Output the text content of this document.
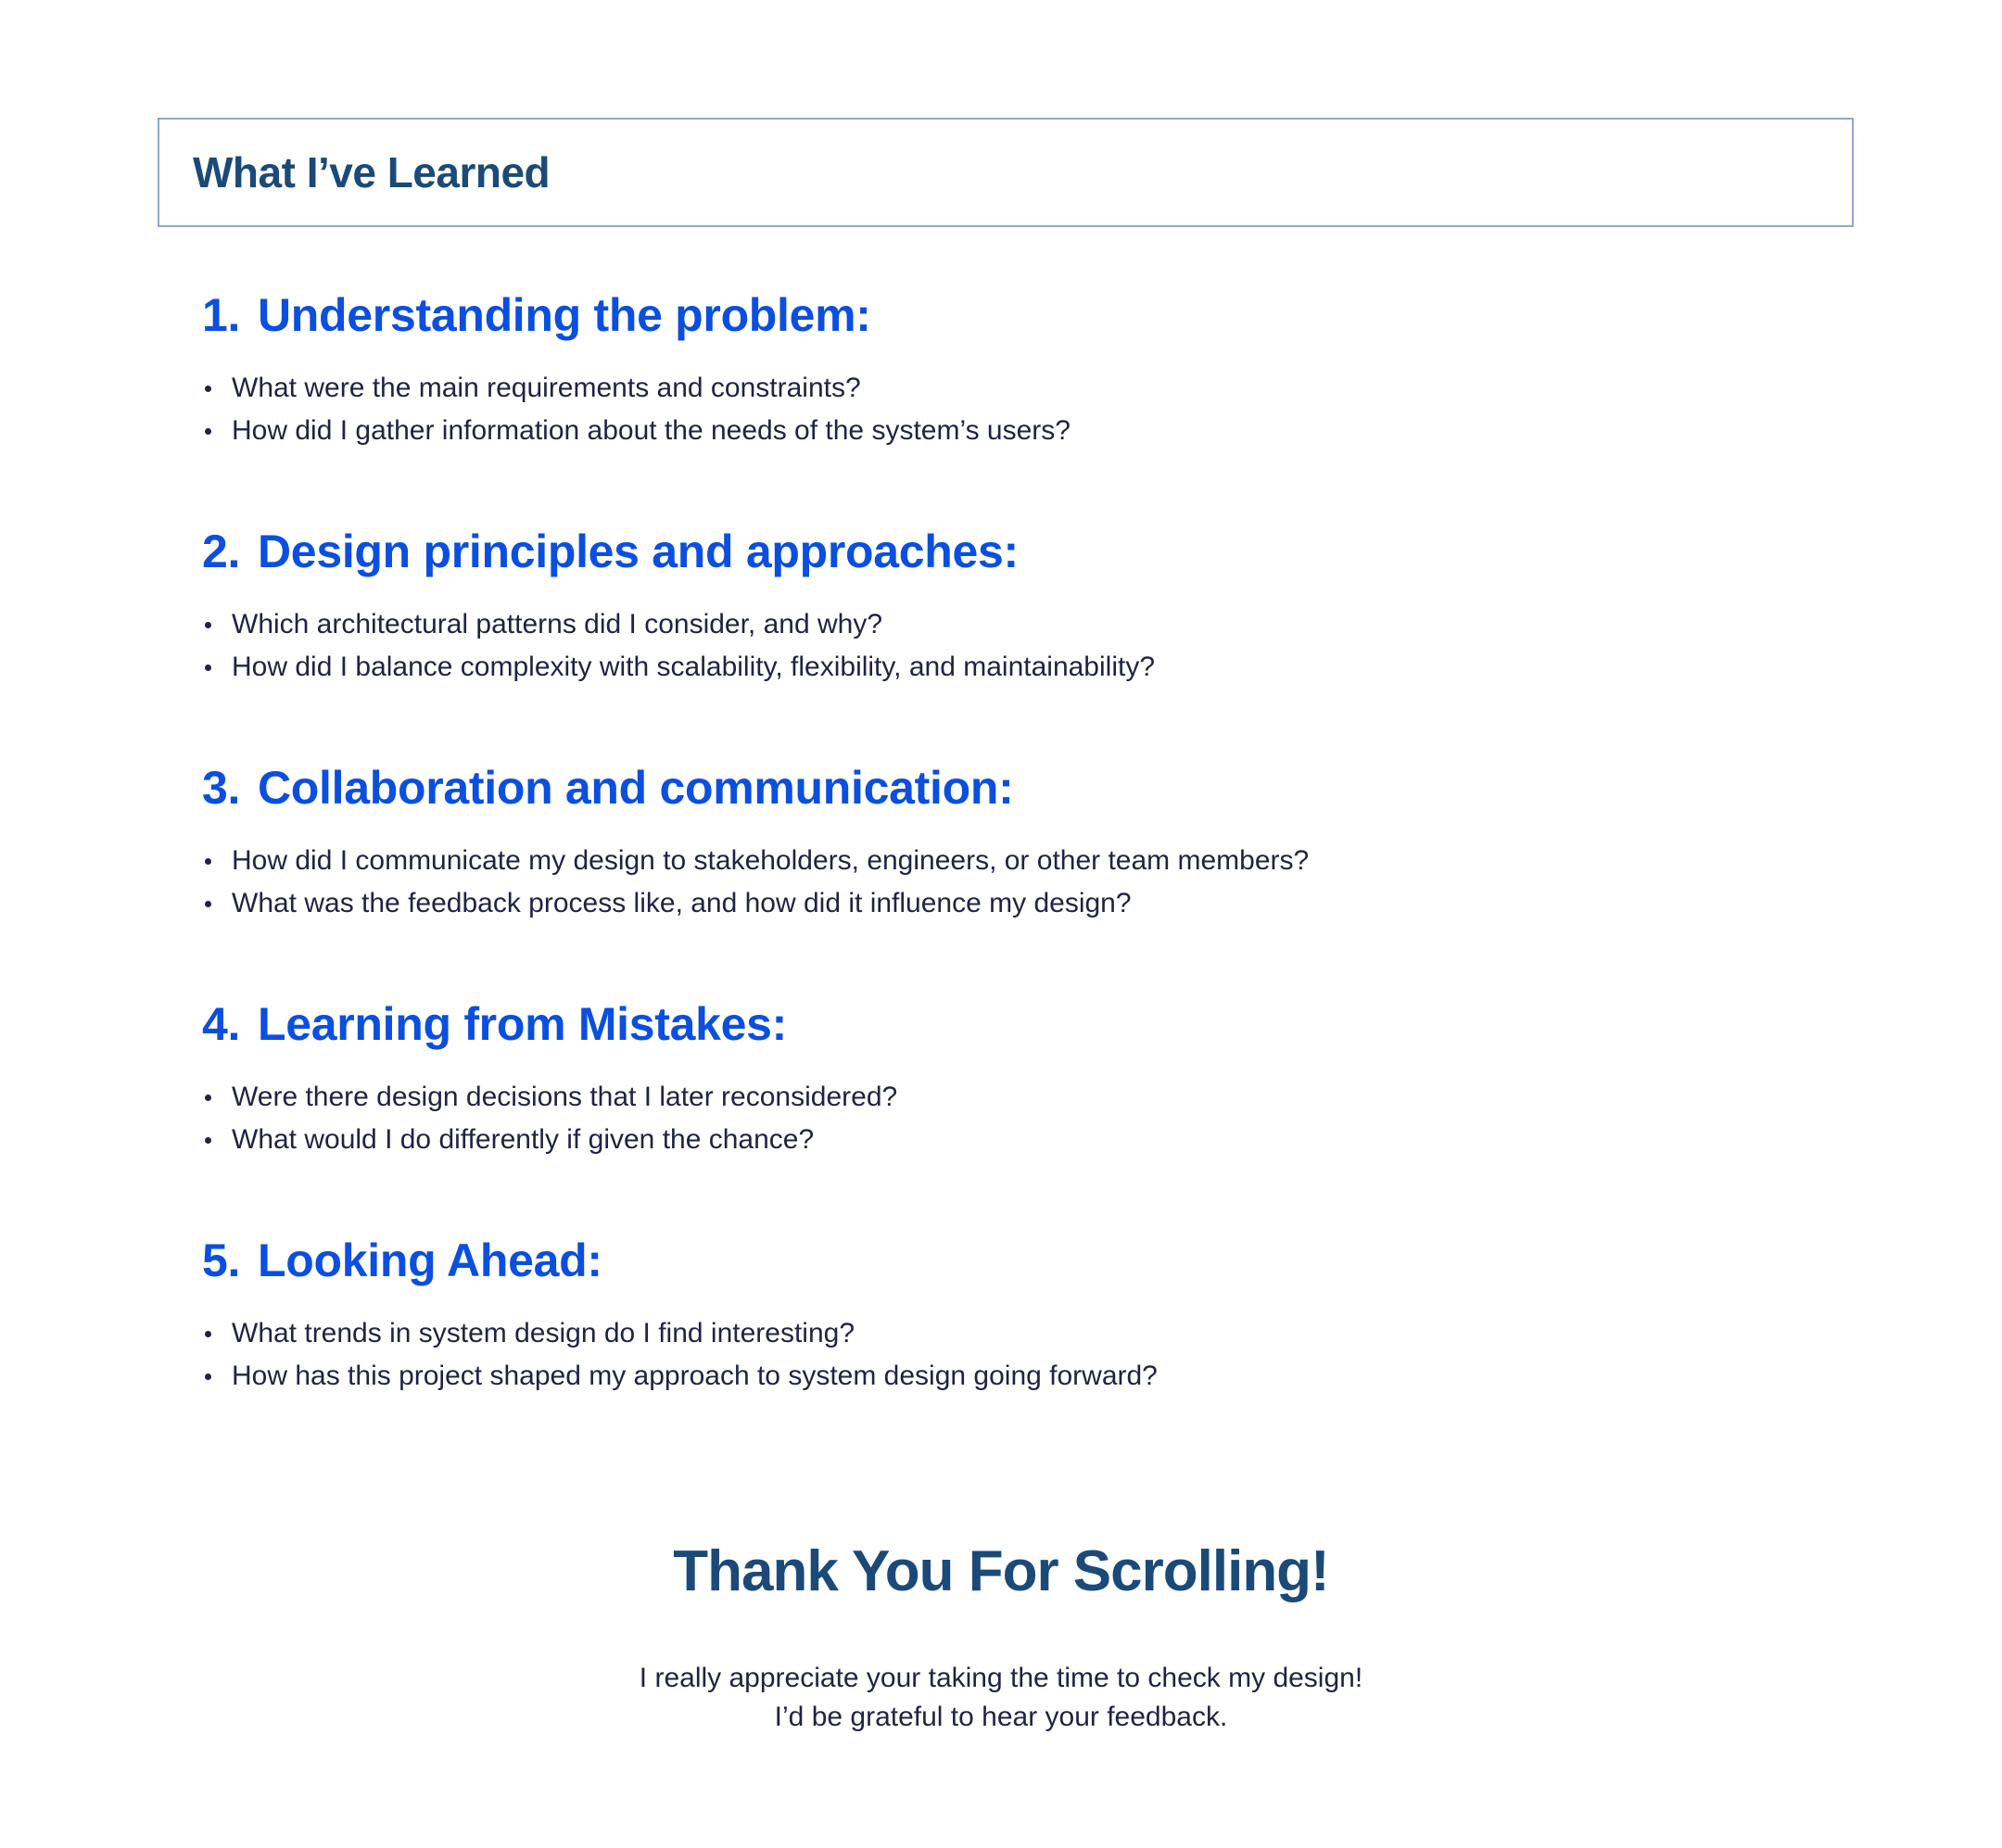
What I’ve Learned
1. Understanding the problem:
What were the main requirements and constraints?
How did I gather information about the needs of the system’s users?
2. Design principles and approaches:
Which architectural patterns did I consider, and why?
How did I balance complexity with scalability, flexibility, and maintainability?
3. Collaboration and communication:
How did I communicate my design to stakeholders, engineers, or other team members?
What was the feedback process like, and how did it influence my design?
4. Learning from Mistakes:
Were there design decisions that I later reconsidered?
What would I do differently if given the chance?
5. Looking Ahead:
What trends in system design do I find interesting?
How has this project shaped my approach to system design going forward?
Thank You For Scrolling!
I really appreciate your taking the time to check my design!
I’d be grateful to hear your feedback.
